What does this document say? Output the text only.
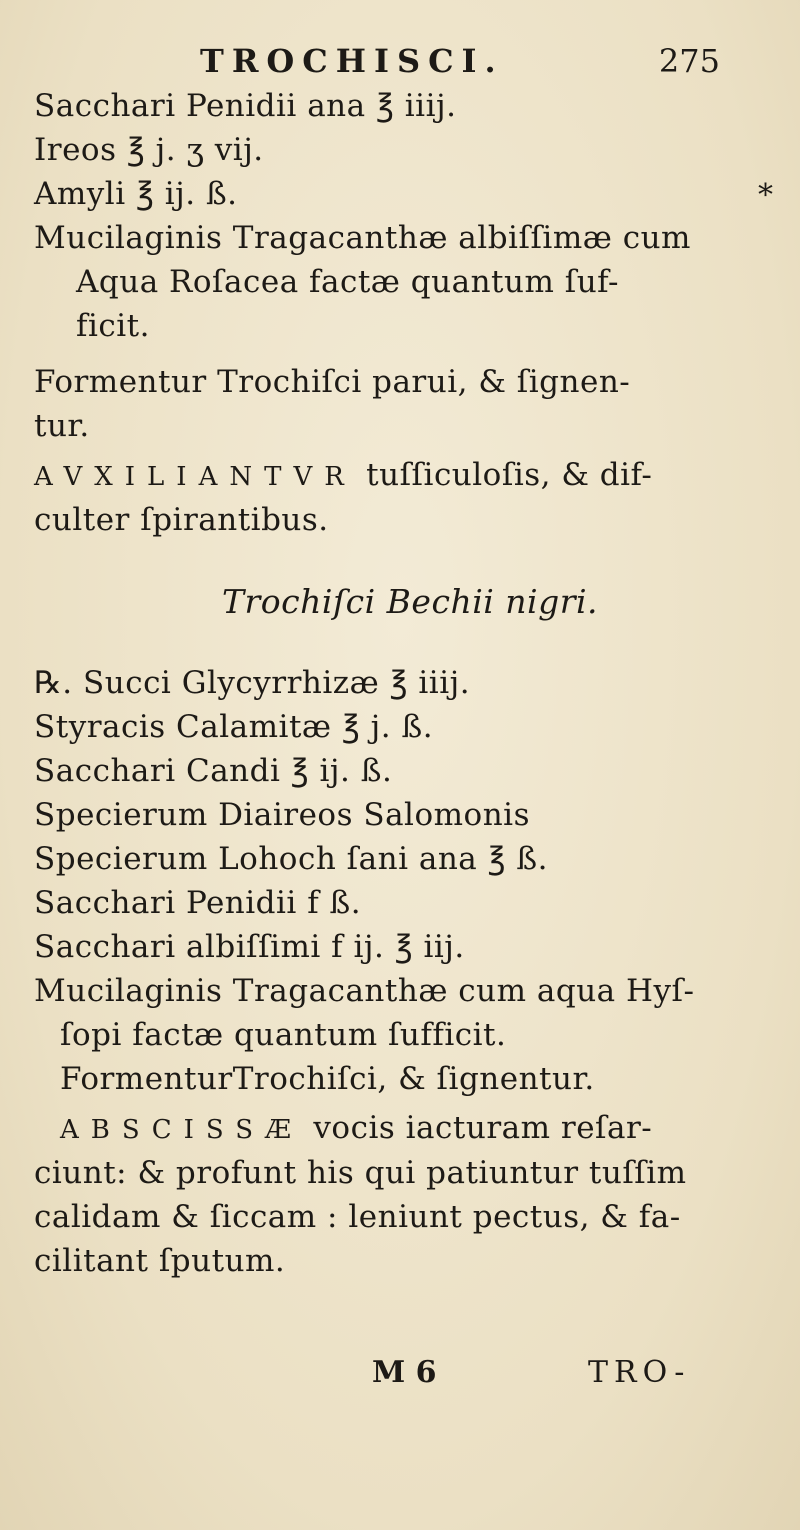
TROCHISCI.	275
*
Sacchari Penidii ana ℥ iiij.
Ireos ℥ j. ʒ vij.
Amyli ℥ ij. ß.
Mucilaginis Tragacanthæ albiſſimæ cum
Aqua Roſacea factæ quantum ſuf-
ficit.
Formentur Trochiſci parui, & ſignen-
tur.
AVXILIANTVR tuſſiculoſis, & dif-
culter ſpirantibus.
Trochiſci Bechii nigri.
℞. Succi Glycyrrhizæ ℥ iiij.
Styracis Calamitæ ℥ j. ß.
Sacchari Candi ℥ ij. ß.
Specierum Diaireos Salomonis
Specierum Lohoch ſani ana ℥ ß.
Sacchari Penidii f ß.
Sacchari albiſſimi f ij. ℥ iij.
Mucilaginis Tragacanthæ cum aqua Hyſ-
ſopi factæ quantum ſufficit.
FormenturTrochiſci, & ſignentur.
ABSCISSÆ vocis iacturam reſar-
ciunt: & profunt his qui patiuntur tuſſim
calidam & ſiccam : leniunt pectus, & fa-
cilitant ſputum.
M 6	TRO-
